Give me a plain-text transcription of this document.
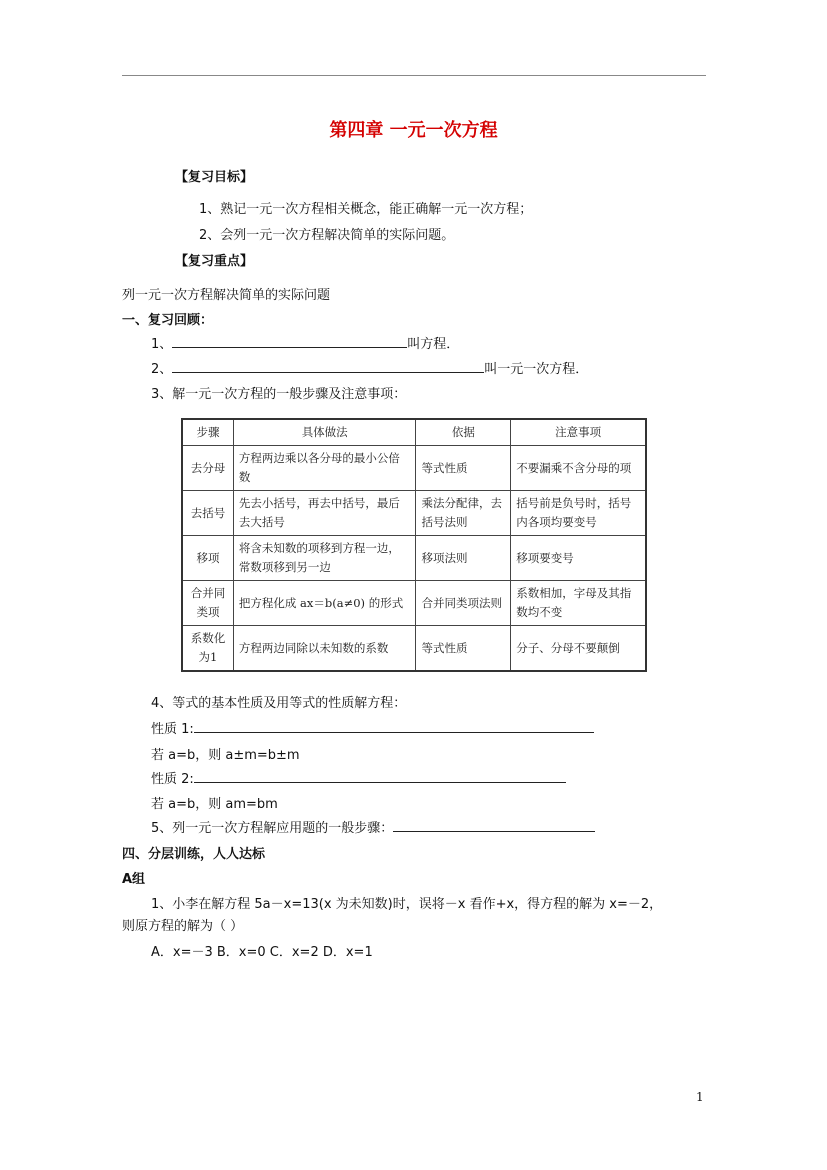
第四章 一元一次方程
【复习目标】
1、熟记一元一次方程相关概念，能正确解一元一次方程；
2、会列一元一次方程解决简单的实际问题。
【复习重点】
列一元一次方程解决简单的实际问题
一、复习回顾：
1、	叫方程．
2、	叫一元一次方程．
3、解一元一次方程的一般步骤及注意事项：
步骤	具体做法	依据	注意事项
去分母	方程两边乘以各分母的最小公倍数	等式性质	不要漏乘不含分母的项
去括号	先去小括号，再去中括号，最后去大括号	乘法分配律，去括号法则	括号前是负号时，括号内各项均要变号
移项	将含未知数的项移到方程一边，常数项移到另一边	移项法则	移项要变号
合并同类项	把方程化成 ax＝b(a≠0) 的形式	合并同类项法则	系数相加，字母及其指数均不变
系数化为1	方程两边同除以未知数的系数	等式性质	分子、分母不要颠倒
4、等式的基本性质及用等式的性质解方程：
性质 1:
若 a=b，则 a±m=b±m
性质 2:
若 a=b，则 am=bm
5、列一元一次方程解应用题的一般步骤：
四、分层训练，人人达标
A组
1、小李在解方程 5a－x=13(x 为未知数)时，误将－x 看作+x，得方程的解为 x=－2，
则原方程的解为（ ）
A．x=－3 B．x=0 C．x=2 D．x=1
1
